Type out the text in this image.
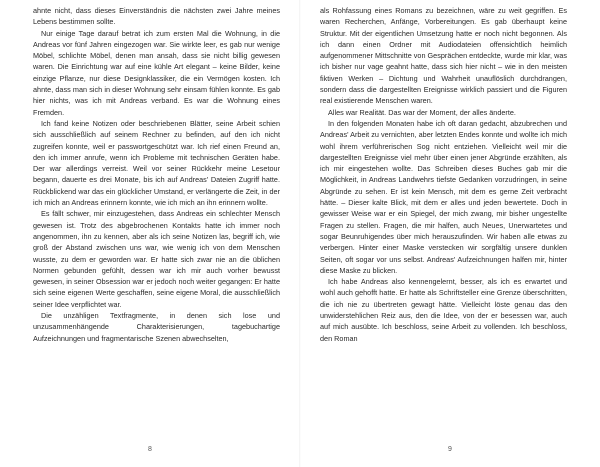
ahnte nicht, dass dieses Einverständnis die nächsten zwei Jahre meines Lebens bestimmen sollte.

Nur einige Tage darauf betrat ich zum ersten Mal die Wohnung, in die Andreas vor fünf Jahren eingezogen war. Sie wirkte leer, es gab nur wenige Möbel, schlichte Möbel, denen man ansah, dass sie nicht billig gewesen waren. Die Einrichtung war auf eine kühle Art elegant – keine Bilder, keine einzige Pflanze, nur diese Designklassiker, die ein Vermögen kosten. Ich ahnte, dass man sich in dieser Wohnung sehr einsam fühlen konnte. Es gab hier nichts, was ich mit Andreas verband. Es war die Wohnung eines Fremden.

Ich fand keine Notizen oder beschriebenen Blätter, seine Arbeit schien sich ausschließlich auf seinem Rechner zu befinden, auf den ich nicht zugreifen konnte, weil er passwortgeschützt war. Ich rief einen Freund an, den ich immer anrufe, wenn ich Probleme mit technischen Geräten habe. Der war allerdings verreist. Weil vor seiner Rückkehr meine Lesetour begann, dauerte es drei Monate, bis ich auf Andreas' Dateien Zugriff hatte. Rückblickend war das ein glücklicher Umstand, er verlängerte die Zeit, in der ich mich an Andreas erinnern konnte, wie ich mich an ihn erinnern wollte.

Es fällt schwer, mir einzugestehen, dass Andreas ein schlechter Mensch gewesen ist. Trotz des abgebrochenen Kontakts hatte ich immer noch angenommen, ihn zu kennen, aber als ich seine Notizen las, begriff ich, wie groß der Abstand zwischen uns war, wie wenig ich von dem Menschen wusste, zu dem er geworden war. Er hatte sich zwar nie an die üblichen Normen gebunden gefühlt, dessen war ich mir auch vorher bewusst gewesen, in seiner Obsession war er jedoch noch weiter gegangen: Er hatte sich seine eigenen Werte geschaffen, seine eigene Moral, die ausschließlich seiner Idee verpflichtet war.

Die unzähligen Textfragmente, in denen sich lose und unzusammenhängende Charakterisierungen, tagebuchartige Aufzeichnungen und fragmentarische Szenen abwechselten,

8

als Rohfassung eines Romans zu bezeichnen, wäre zu weit gegriffen. Es waren Recherchen, Anfänge, Vorbereitungen. Es gab überhaupt keine Struktur. Mit der eigentlichen Umsetzung hatte er noch nicht begonnen. Als ich dann einen Ordner mit Audiodateien offensichtlich heimlich aufgenommener Mittschnitte von Gesprächen entdeckte, wurde mir klar, was ich bisher nur vage geahnt hatte, dass sich hier nicht – wie in den meisten fiktiven Werken – Dichtung und Wahrheit unauflöslich durchdrangen, sondern dass die dargestellten Ereignisse wirklich passiert und die Figuren real existierende Menschen waren.

Alles war Realität. Das war der Moment, der alles änderte.

In den folgenden Monaten habe ich oft daran gedacht, abzubrechen und Andreas' Arbeit zu vernichten, aber letzten Endes konnte und wollte ich mich wohl ihrem verführerischen Sog nicht entziehen. Vielleicht weil mir die dargestellten Ereignisse viel mehr über einen jener Abgründe erzählten, als ich mir eingestehen wollte. Das Schreiben dieses Buches gab mir die Möglichkeit, in Andreas Landwehrs tiefste Gedanken vorzudringen, in seine Abgründe zu sehen. Er ist kein Mensch, mit dem es gerne Zeit verbracht hätte. – Dieser kalte Blick, mit dem er alles und jeden bewertete. Doch in gewisser Weise war er ein Spiegel, der mich zwang, mir bisher ungestellte Fragen zu stellen. Fragen, die mir halfen, auch Neues, Unerwartetes und sogar Beunruhigendes über mich herauszufinden. Wir haben alle etwas zu verbergen. Hinter einer Maske verstecken wir sorgfältig unsere dunklen Seiten, oft sogar vor uns selbst. Andreas' Aufzeichnungen halfen mir, hinter diese Maske zu blicken.

Ich habe Andreas also kennengelernt, besser, als ich es erwartet und wohl auch gehofft hatte. Er hatte als Schriftsteller eine Grenze überschritten, die ich nie zu übertreten gewagt hätte. Vielleicht löste genau das den unwiderstehlichen Reiz aus, den die Idee, von der er besessen war, auch auf mich ausübte. Ich beschloss, seine Arbeit zu vollenden. Ich beschloss, den Roman

9
